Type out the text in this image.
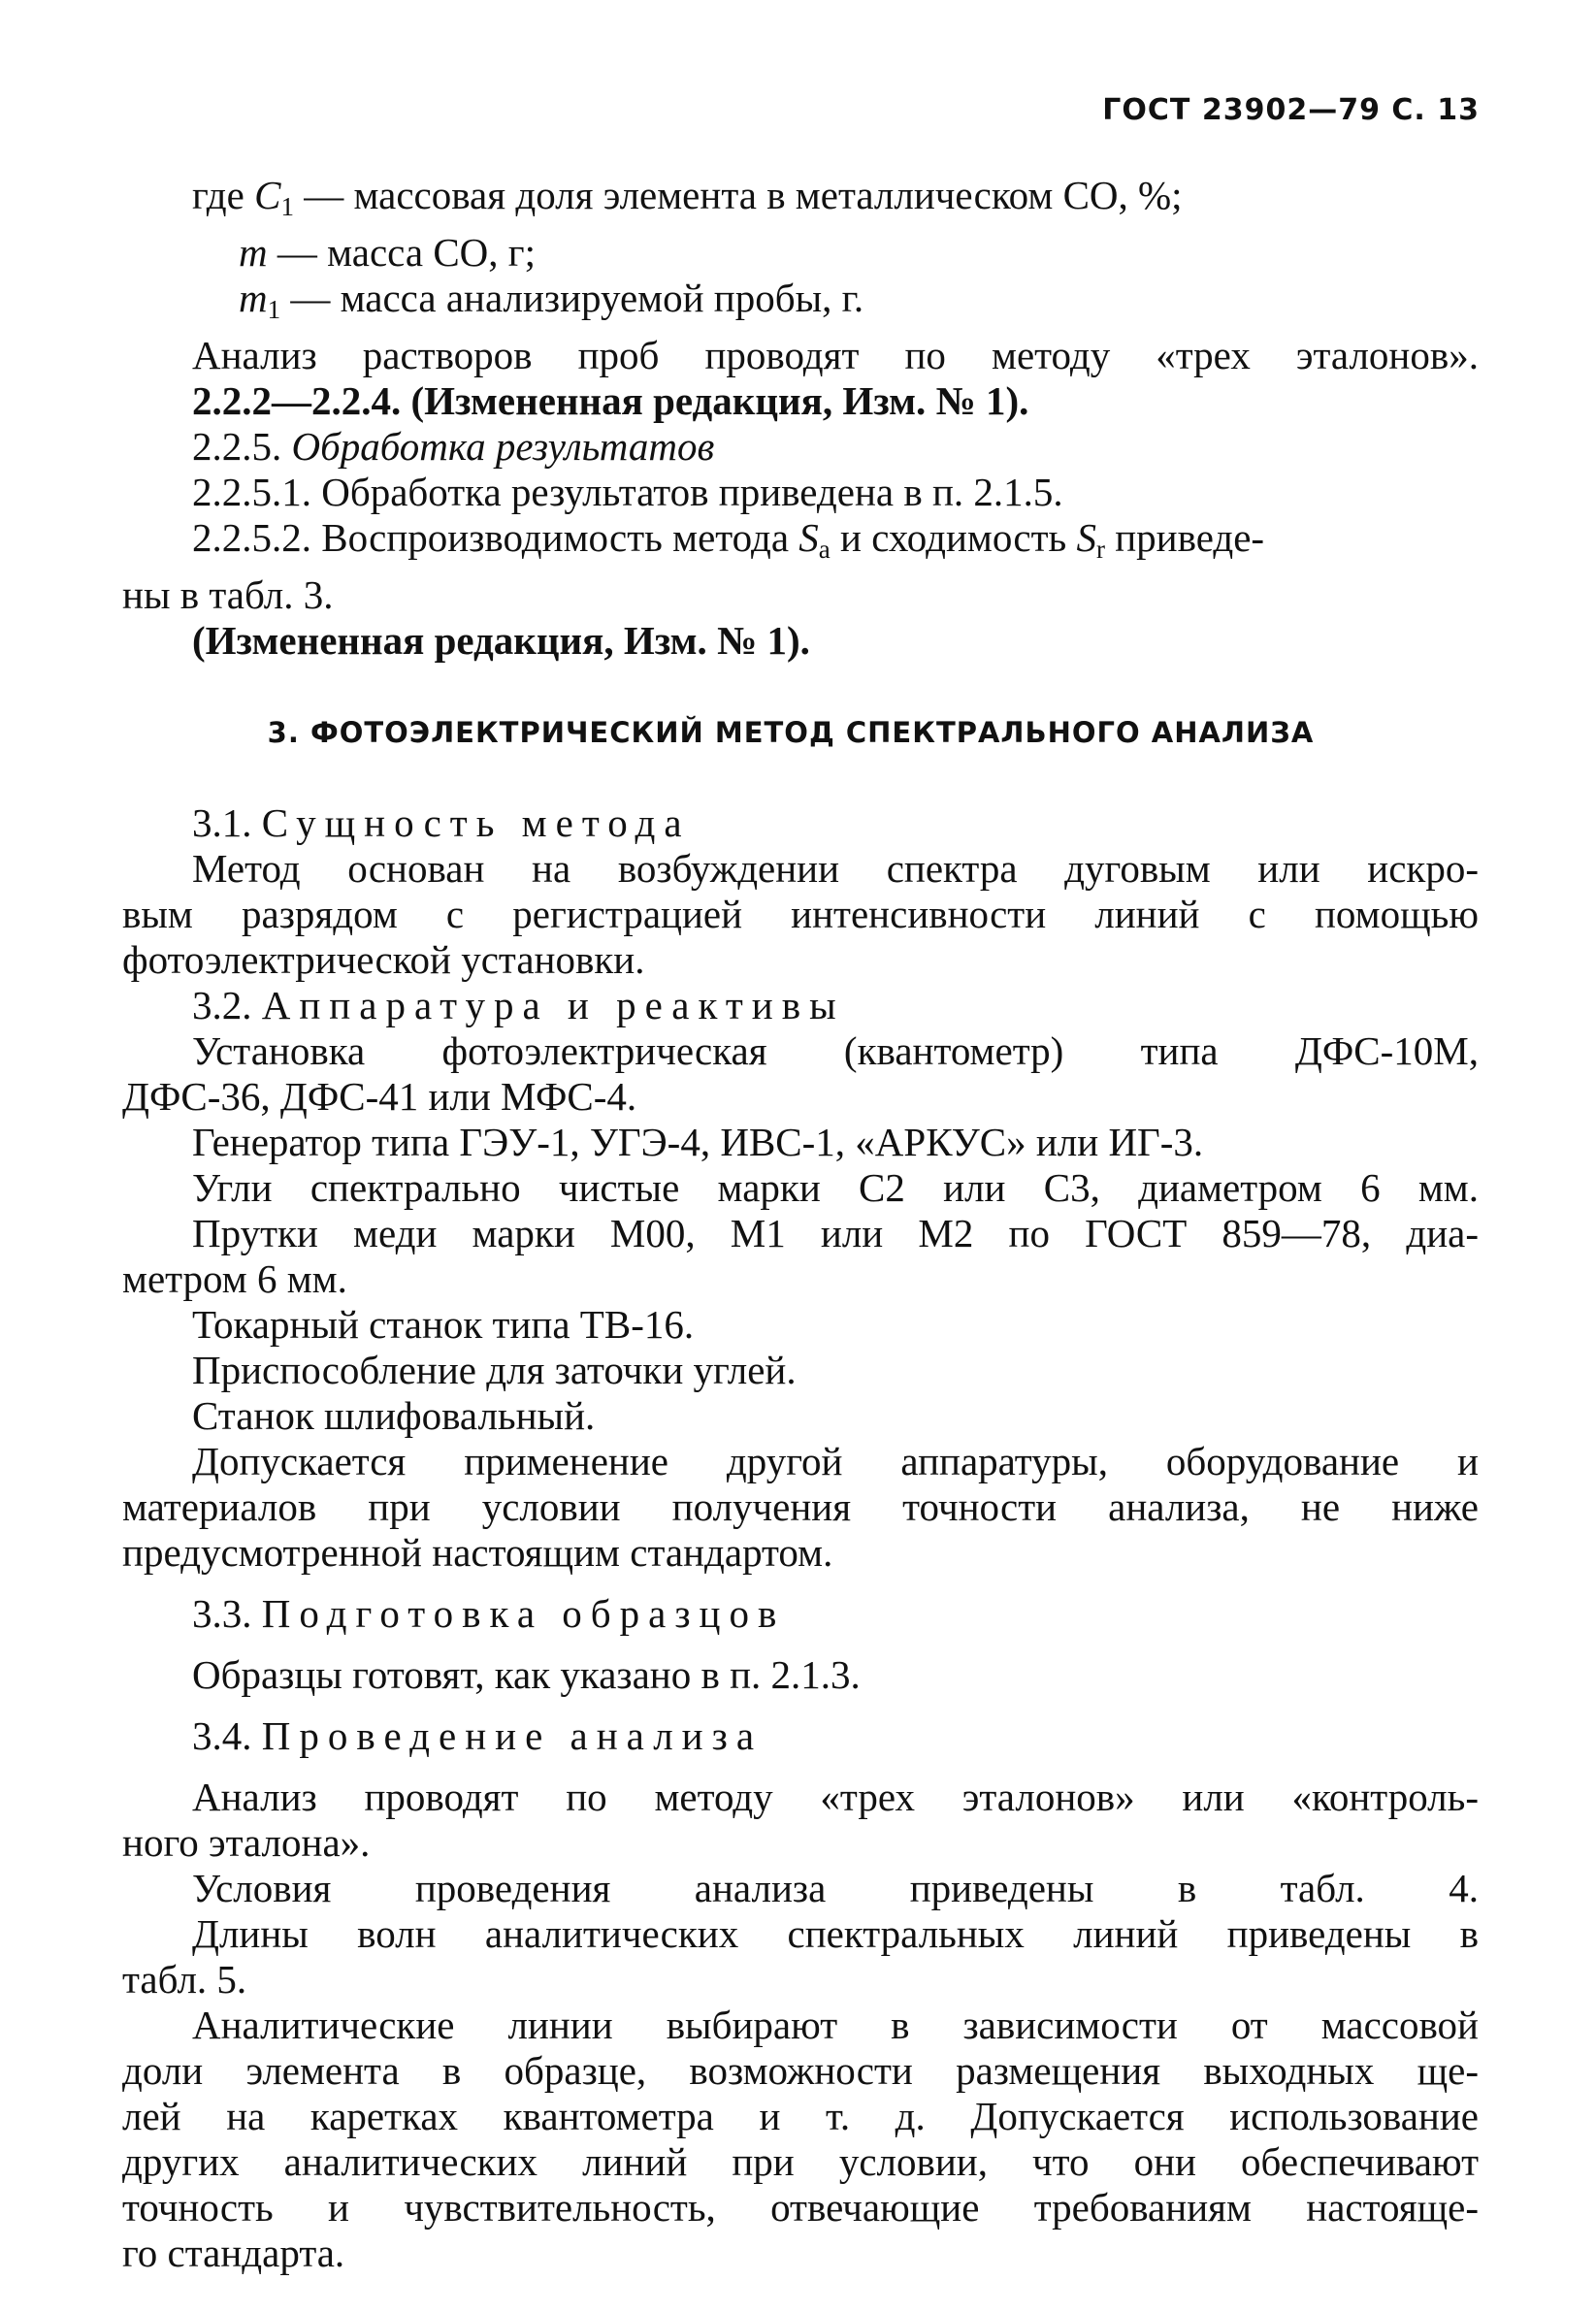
ГОСТ 23902—79 С. 13
где $C_1$ — массовая доля элемента в металлическом СО, %;
m — масса СО, г;
$m_1$ — масса анализируемой пробы, г.
Анализ растворов проб проводят по методу «трех эталонов».
2.2.2—2.2.4. (Измененная редакция, Изм. № 1).
2.2.5. Обработка результатов
2.2.5.1. Обработка результатов приведена в п. 2.1.5.
2.2.5.2. Воспроизводимость метода $S_а$ и сходимость $S_r$ приведе-
ны в табл. 3.
(Измененная редакция, Изм. № 1).
3. ФОТОЭЛЕКТРИЧЕСКИЙ МЕТОД СПЕКТРАЛЬНОГО АНАЛИЗА
3.1. Сущность метода
Метод основан на возбуждении спектра дуговым или искро-
вым разрядом с регистрацией интенсивности линий с помощью
фотоэлектрической установки.
3.2. Аппаратура и реактивы
Установка фотоэлектрическая (квантометр) типа ДФС-10М,
ДФС-36, ДФС-41 или МФС-4.
Генератор типа ГЭУ-1, УГЭ-4, ИВС-1, «АРКУС» или ИГ-3.
Угли спектрально чистые марки С2 или С3, диаметром 6 мм.
Прутки меди марки М00, М1 или М2 по ГОСТ 859—78, диа-
метром 6 мм.
Токарный станок типа ТВ-16.
Приспособление для заточки углей.
Станок шлифовальный.
Допускается применение другой аппаратуры, оборудование и
материалов при условии получения точности анализа, не ниже
предусмотренной настоящим стандартом.
3.3. Подготовка образцов
Образцы готовят, как указано в п. 2.1.3.
3.4. Проведение анализа
Анализ проводят по методу «трех эталонов» или «контроль-
ного эталона».
Условия проведения анализа приведены в табл. 4.
Длины волн аналитических спектральных линий приведены в
табл. 5.
Аналитические линии выбирают в зависимости от массовой
доли элемента в образце, возможности размещения выходных ще-
лей на каретках квантометра и т. д. Допускается использование
других аналитических линий при условии, что они обеспечивают
точность и чувствительность, отвечающие требованиям настояще-
го стандарта.
